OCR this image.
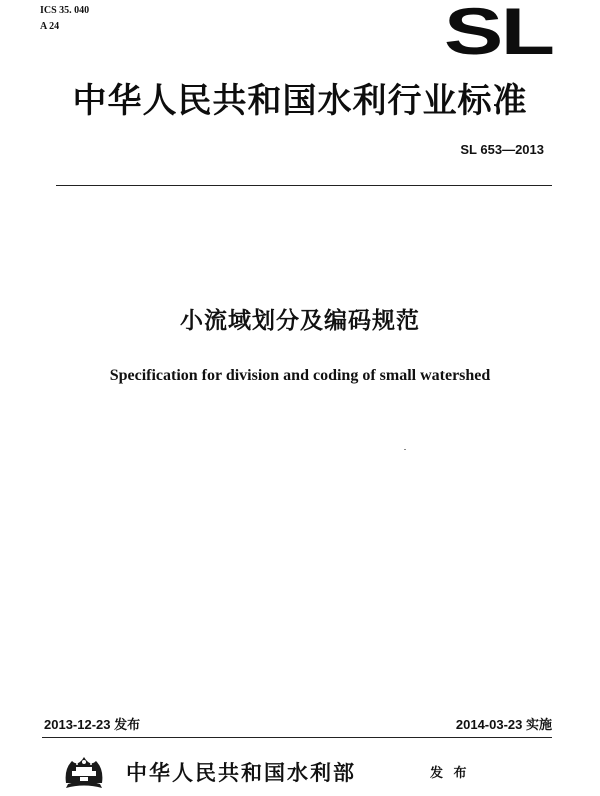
ICS 35. 040
A 24	SL
中华人民共和国水利行业标准
SL 653—2013
小流域划分及编码规范
Specification for division and coding of small watershed
2013-12-23 发布	2014-03-23 实施
中华人民共和国水利部	发 布
